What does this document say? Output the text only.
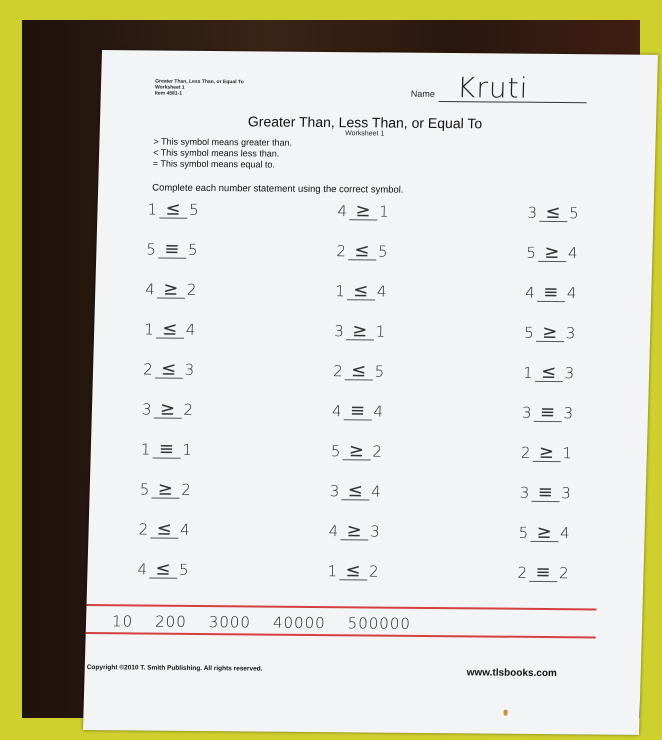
Greater Than, Less Than, or Equal To
Worksheet 1
Item 4581-1	Name Kruti
Greater Than, Less Than, or Equal To
Worksheet 1
> This symbol means greater than.
< This symbol means less than.
= This symbol means equal to.
Complete each number statement using the correct symbol.
1 ≤ 5
5 ≡ 5
4 ≥ 2
1 ≤ 4
2 ≤ 3
3 ≥ 2
1 ≡ 1
5 ≥ 2
2 ≤ 4
4 ≤ 5
4 ≥ 1
2 ≤ 5
1 ≤ 4
3 ≥ 1
2 ≤ 5
4 ≡ 4
5 ≥ 2
3 ≤ 4
4 ≥ 3
1 ≤ 2
3 ≤ 5
5 ≥ 4
4 ≡ 4
5 ≥ 3
1 ≤ 3
3 ≡ 3
2 ≥ 1
3 ≡ 3
5 ≥ 4
2 ≡ 2
10 200 3000 40000 500000
Copyright ©2010 T. Smith Publishing. All rights reserved.	www.tlsbooks.com
